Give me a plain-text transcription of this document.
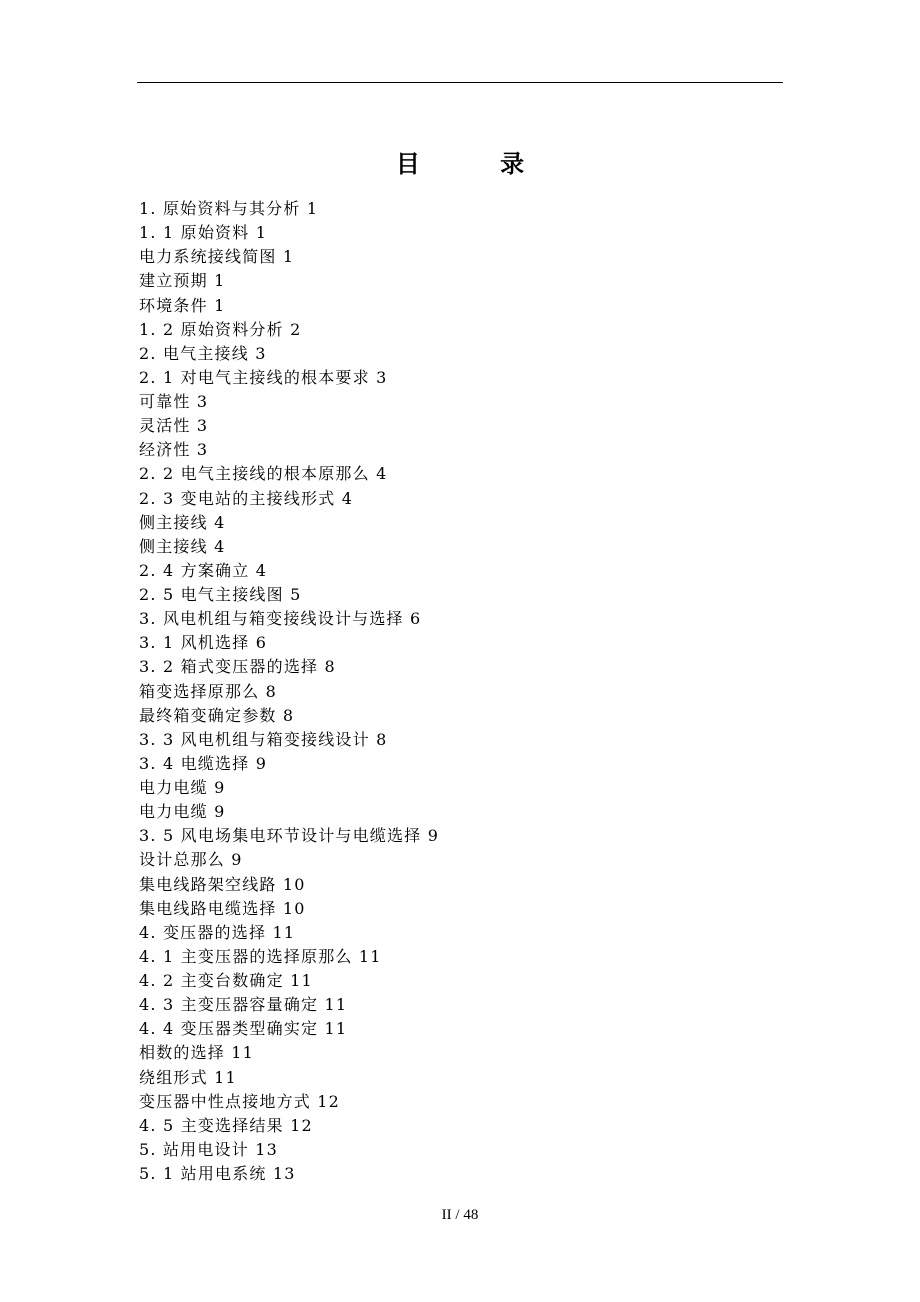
目 录
1. 原始资料与其分析 1
1. 1 原始资料 1
电力系统接线简图 1
建立预期 1
环境条件 1
1. 2 原始资料分析 2
2. 电气主接线 3
2. 1 对电气主接线的根本要求 3
可靠性 3
灵活性 3
经济性 3
2. 2 电气主接线的根本原那么 4
2. 3 变电站的主接线形式 4
侧主接线 4
侧主接线 4
2. 4 方案确立 4
2. 5 电气主接线图 5
3. 风电机组与箱变接线设计与选择 6
3. 1 风机选择 6
3. 2 箱式变压器的选择 8
箱变选择原那么 8
最终箱变确定参数 8
3. 3 风电机组与箱变接线设计 8
3. 4 电缆选择 9
电力电缆 9
电力电缆 9
3. 5 风电场集电环节设计与电缆选择 9
设计总那么 9
集电线路架空线路 10
集电线路电缆选择 10
4. 变压器的选择 11
4. 1 主变压器的选择原那么 11
4. 2 主变台数确定 11
4. 3 主变压器容量确定 11
4. 4 变压器类型确实定 11
相数的选择 11
绕组形式 11
变压器中性点接地方式 12
4. 5 主变选择结果 12
5. 站用电设计 13
5. 1 站用电系统 13
II / 48
